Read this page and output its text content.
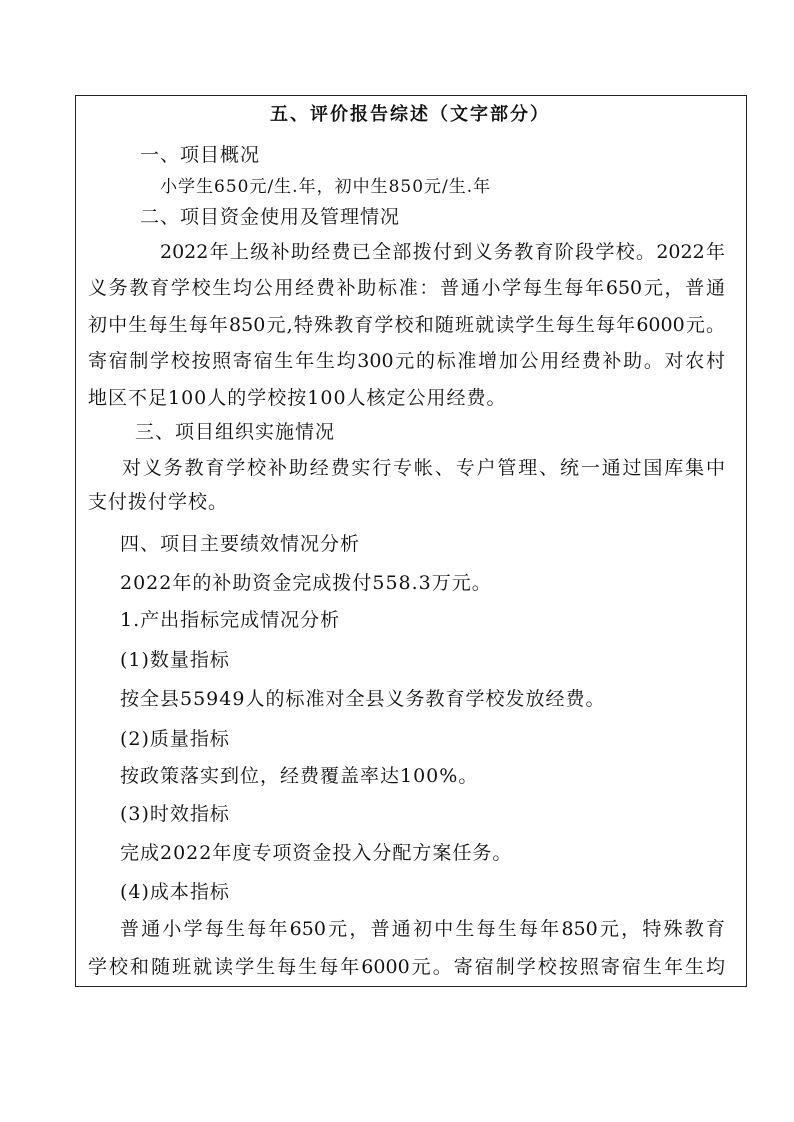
五、评价报告综述（文字部分）
一、项目概况
小学生650元/生.年，初中生850元/生.年
二、项目资金使用及管理情况
2022年上级补助经费已全部拨付到义务教育阶段学校。2022年
义务教育学校生均公用经费补助标准：普通小学每生每年650元，普通
初中生每生每年850元,特殊教育学校和随班就读学生每生每年6000元。
寄宿制学校按照寄宿生年生均300元的标准增加公用经费补助。对农村
地区不足100人的学校按100人核定公用经费。
三、项目组织实施情况
对义务教育学校补助经费实行专帐、专户管理、统一通过国库集中
支付拨付学校。
四、项目主要绩效情况分析
2022年的补助资金完成拨付558.3万元。
1.产出指标完成情况分析
(1)数量指标
按全县55949人的标准对全县义务教育学校发放经费。
(2)质量指标
按政策落实到位，经费覆盖率达100%。
(3)时效指标
完成2022年度专项资金投入分配方案任务。
(4)成本指标
普通小学每生每年650元，普通初中生每生每年850元，特殊教育
学校和随班就读学生每生每年6000元。寄宿制学校按照寄宿生年生均
